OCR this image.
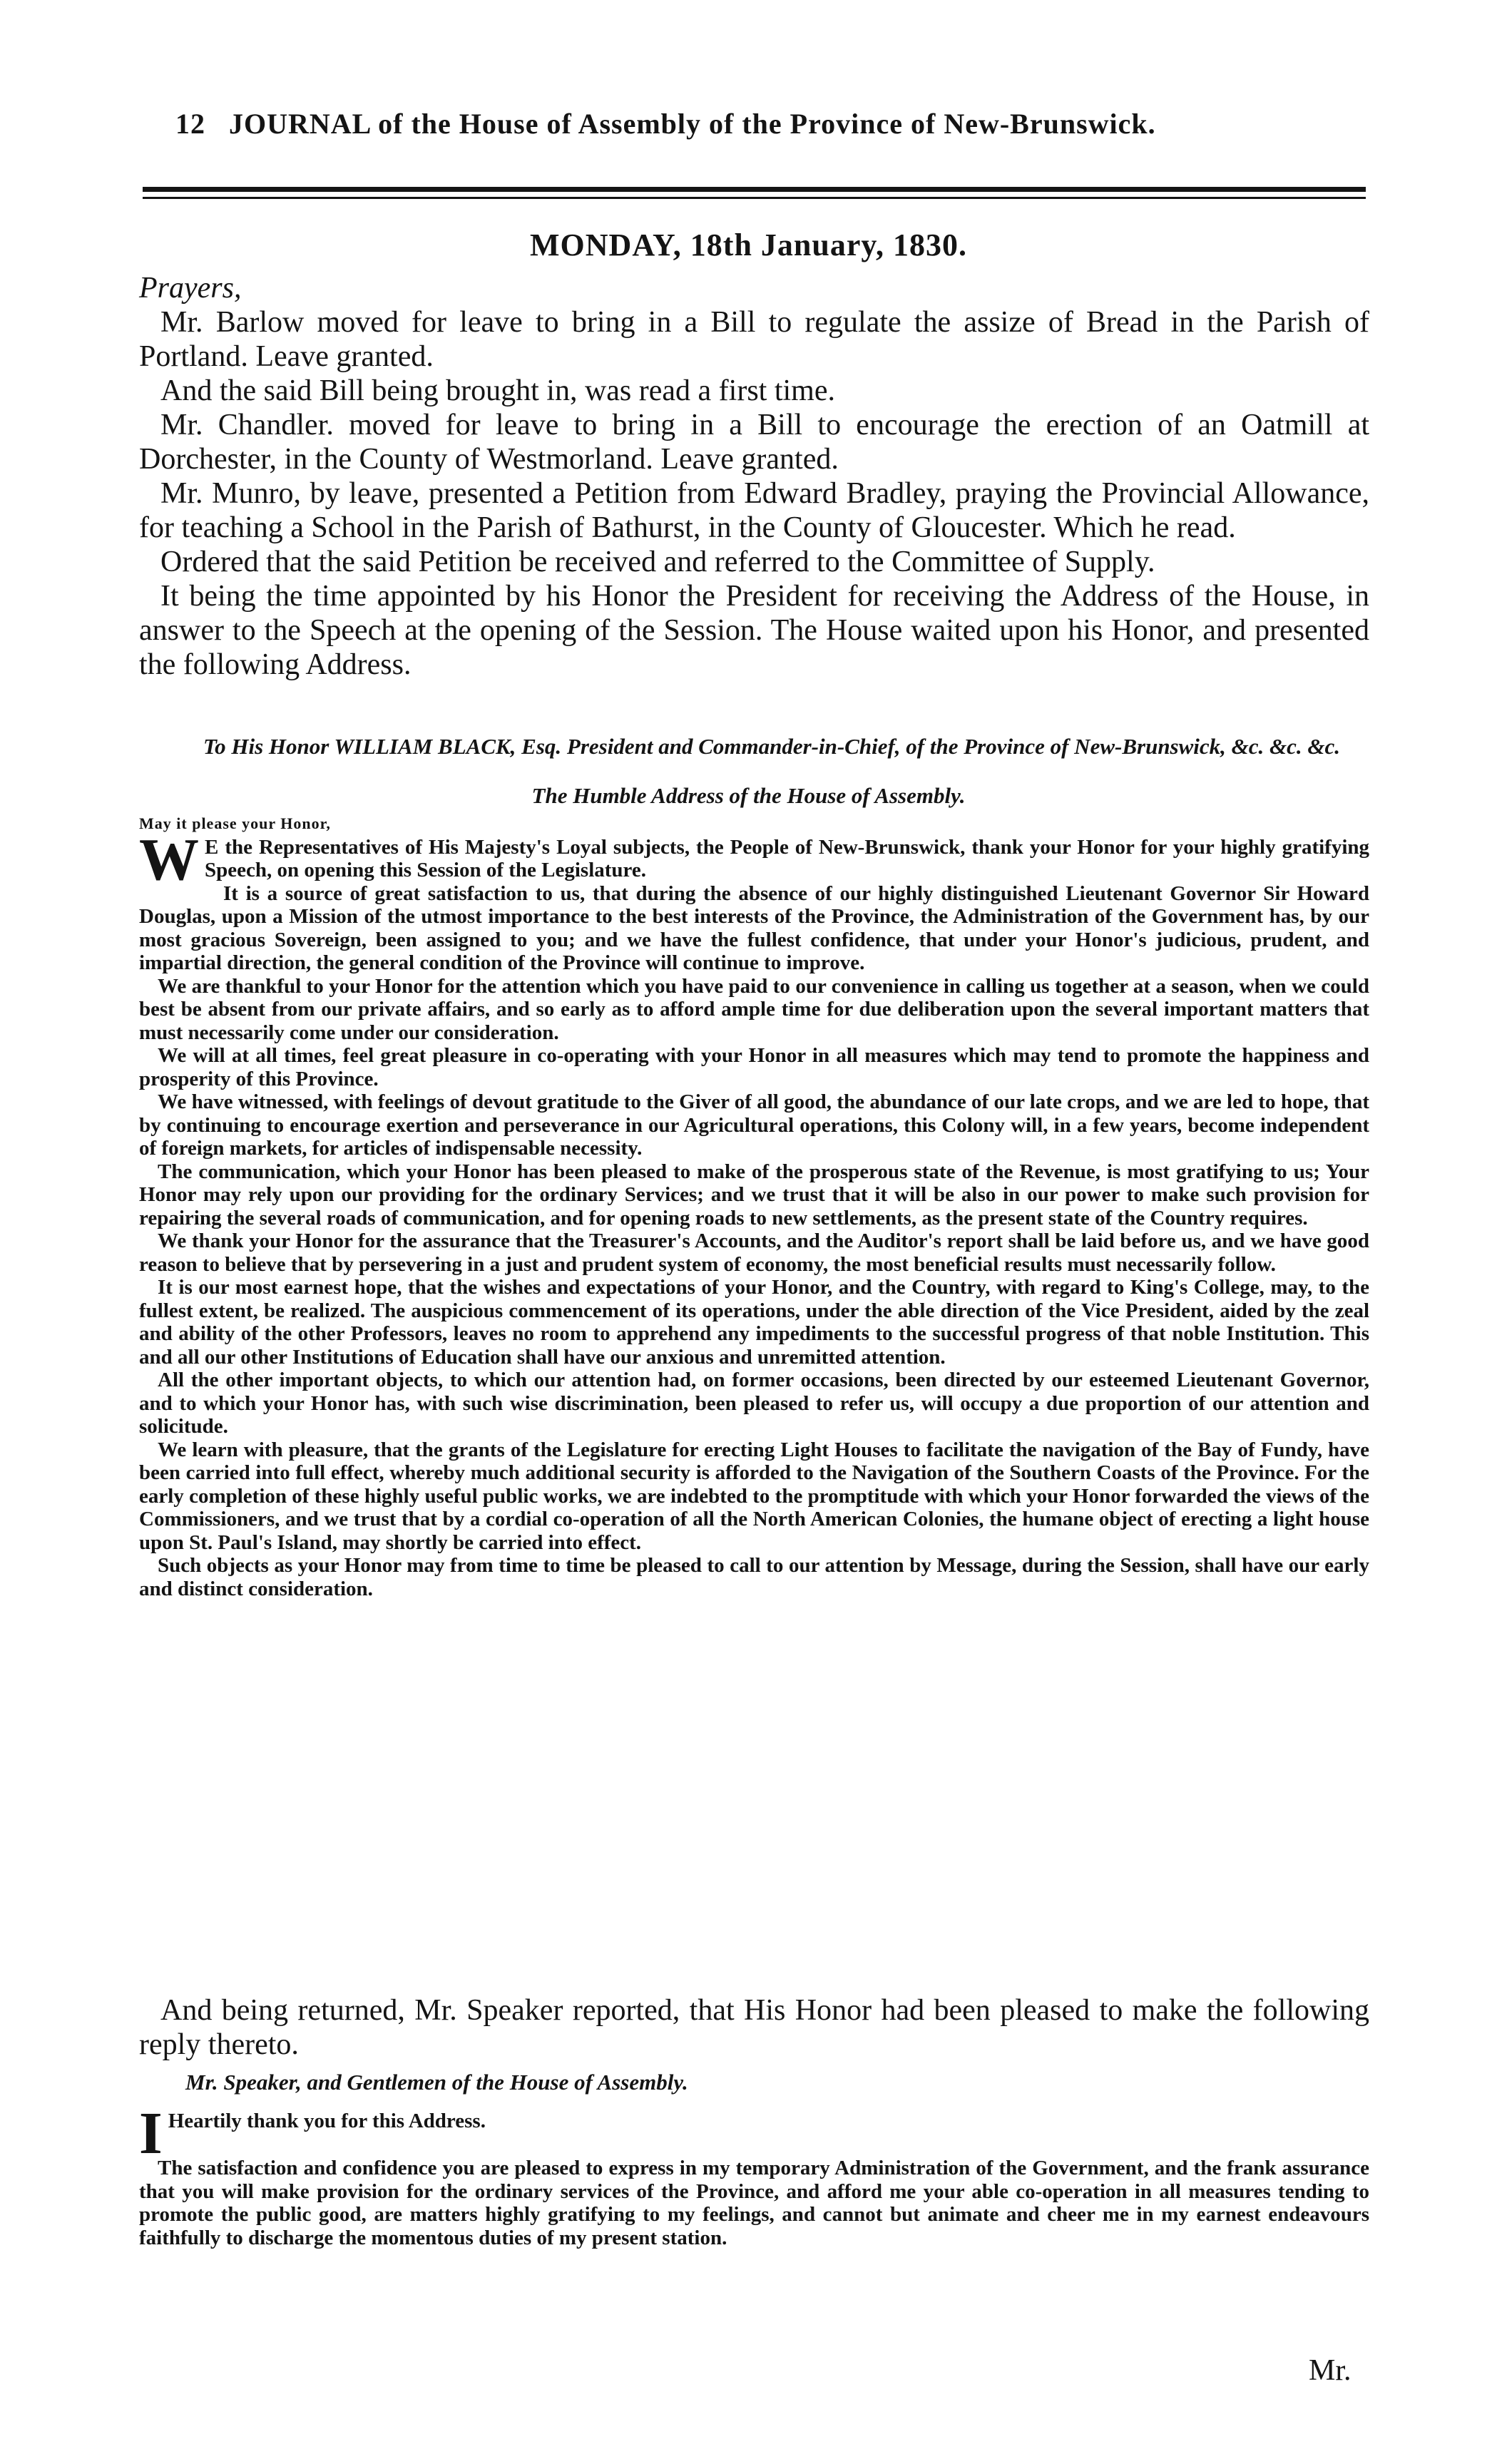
12 JOURNAL of the House of Assembly of the Province of New-Brunswick.
MONDAY, 18th January, 1830.

Prayers,

Mr. Barlow moved for leave to bring in a Bill to regulate the assize of Bread in the Parish of Portland. Leave granted.

And the said Bill being brought in, was read a first time.

Mr. Chandler. moved for leave to bring in a Bill to encourage the erection of an Oatmill at Dorchester, in the County of Westmorland. Leave granted.

Mr. Munro, by leave, presented a Petition from Edward Bradley, praying the Provincial Allowance, for teaching a School in the Parish of Bathurst, in the County of Gloucester. Which he read.

Ordered that the said Petition be received and referred to the Committee of Supply.

It being the time appointed by his Honor the President for receiving the Address of the House, in answer to the Speech at the opening of the Session. The House waited upon his Honor, and presented the following Address.

To His Honor WILLIAM BLACK, Esq. President and Commander-in-Chief, of the Province of New-Brunswick, &c. &c. &c.
The Humble Address of the House of Assembly.

May it please your Honor,

W E the Representatives of His Majesty's Loyal subjects, the People of New-Brunswick, thank your Honor for your highly gratifying Speech, on opening this Session of the Legislature.

It is a source of great satisfaction to us, that during the absence of our highly distinguished Lieutenant Governor Sir Howard Douglas, upon a Mission of the utmost importance to the best interests of the Province, the Administration of the Government has, by our most gracious Sovereign, been assigned to you; and we have the fullest confidence, that under your Honor's judicious, prudent, and impartial direction, the general condition of the Province will continue to improve.

We are thankful to your Honor for the attention which you have paid to our convenience in calling us together at a season, when we could best be absent from our private affairs, and so early as to afford ample time for due deliberation upon the several important matters that must necessarily come under our consideration.

We will at all times, feel great pleasure in co-operating with your Honor in all measures which may tend to promote the happiness and prosperity of this Province.

We have witnessed, with feelings of devout gratitude to the Giver of all good, the abundance of our late crops, and we are led to hope, that by continuing to encourage exertion and perseverance in our Agricultural operations, this Colony will, in a few years, become independent of foreign markets, for articles of indispensable necessity.

The communication, which your Honor has been pleased to make of the prosperous state of the Revenue, is most gratifying to us; Your Honor may rely upon our providing for the ordinary Services; and we trust that it will be also in our power to make such provision for repairing the several roads of communication, and for opening roads to new settlements, as the present state of the Country requires.

We thank your Honor for the assurance that the Treasurer's Accounts, and the Auditor's report shall be laid before us, and we have good reason to believe that by persevering in a just and prudent system of economy, the most beneficial results must necessarily follow.

It is our most earnest hope, that the wishes and expectations of your Honor, and the Country, with regard to King's College, may, to the fullest extent, be realized. The auspicious commencement of its operations, under the able direction of the Vice President, aided by the zeal and ability of the other Professors, leaves no room to apprehend any impediments to the successful progress of that noble Institution. This and all our other Institutions of Education shall have our anxious and unremitted attention.

All the other important objects, to which our attention had, on former occasions, been directed by our esteemed Lieutenant Governor, and to which your Honor has, with such wise discrimination, been pleased to refer us, will occupy a due proportion of our attention and solicitude.

We learn with pleasure, that the grants of the Legislature for erecting Light Houses to facilitate the navigation of the Bay of Fundy, have been carried into full effect, whereby much additional security is afforded to the Navigation of the Southern Coasts of the Province. For the early completion of these highly useful public works, we are indebted to the promptitude with which your Honor forwarded the views of the Commissioners, and we trust that by a cordial co-operation of all the North American Colonies, the humane object of erecting a light house upon St. Paul's Island, may shortly be carried into effect.

Such objects as your Honor may from time to time be pleased to call to our attention by Message, during the Session, shall have our early and distinct consideration.

And being returned, Mr. Speaker reported, that His Honor had been pleased to make the following reply thereto.

Mr. Speaker, and Gentlemen of the House of Assembly.

I Heartily thank you for this Address.

The satisfaction and confidence you are pleased to express in my temporary Administration of the Government, and the frank assurance that you will make provision for the ordinary services of the Province, and afford me your able co-operation in all measures tending to promote the public good, are matters highly gratifying to my feelings, and cannot but animate and cheer me in my earnest endeavours faithfully to discharge the momentous duties of my present station.

Mr.
